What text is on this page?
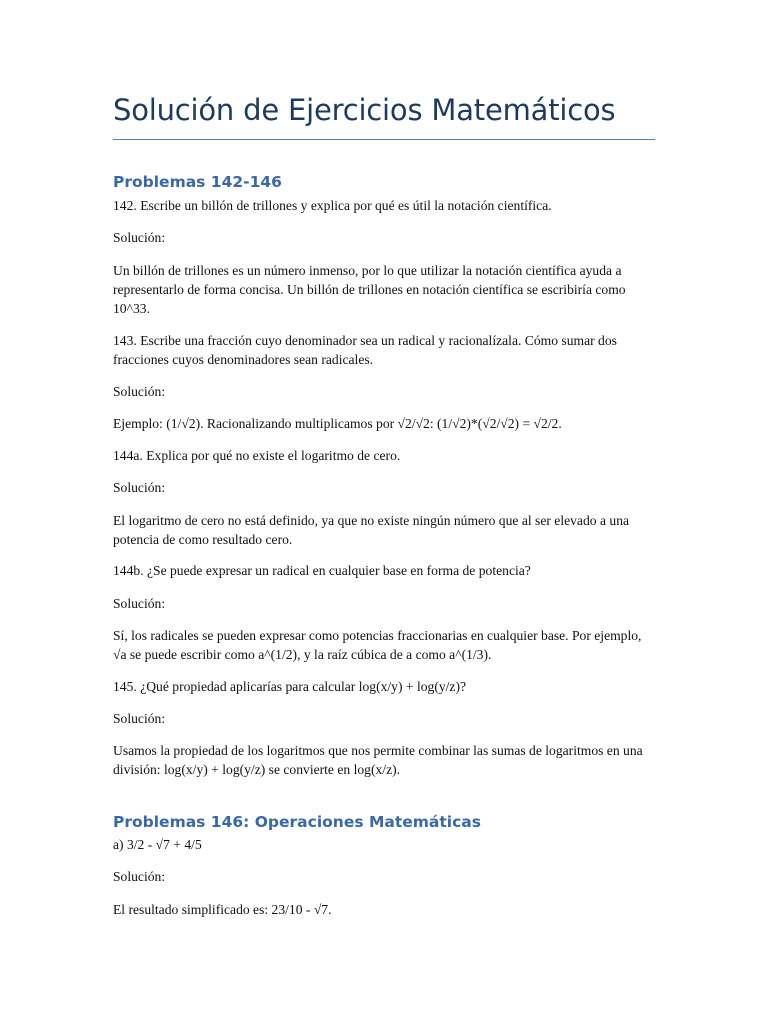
Solución de Ejercicios Matemáticos
Problemas 142-146
142. Escribe un billón de trillones y explica por qué es útil la notación científica.
Solución:
Un billón de trillones es un número inmenso, por lo que utilizar la notación científica ayuda a representarlo de forma concisa. Un billón de trillones en notación científica se escribiría como 10^33.
143. Escribe una fracción cuyo denominador sea un radical y racionalízala. Cómo sumar dos fracciones cuyos denominadores sean radicales.
Solución:
Ejemplo: (1/√2). Racionalizando multiplicamos por √2/√2: (1/√2)*(√2/√2) = √2/2.
144a. Explica por qué no existe el logaritmo de cero.
Solución:
El logaritmo de cero no está definido, ya que no existe ningún número que al ser elevado a una potencia de como resultado cero.
144b. ¿Se puede expresar un radical en cualquier base en forma de potencia?
Solución:
Sí, los radicales se pueden expresar como potencias fraccionarias en cualquier base. Por ejemplo, √a se puede escribir como a^(1/2), y la raíz cúbica de a como a^(1/3).
145. ¿Qué propiedad aplicarías para calcular log(x/y) + log(y/z)?
Solución:
Usamos la propiedad de los logaritmos que nos permite combinar las sumas de logaritmos en una división: log(x/y) + log(y/z) se convierte en log(x/z).
Problemas 146: Operaciones Matemáticas
a) 3/2 - √7 + 4/5
Solución:
El resultado simplificado es: 23/10 - √7.
